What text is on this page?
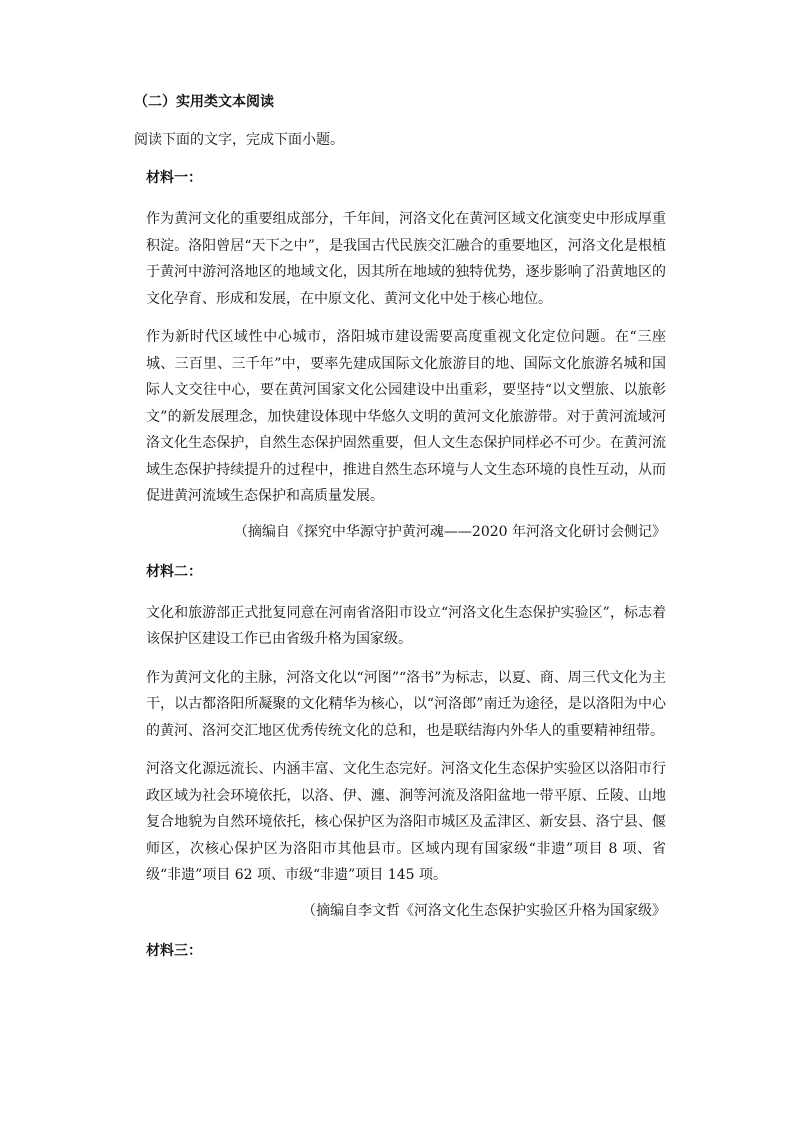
（二）实用类文本阅读

阅读下面的文字，完成下面小题。

材料一：

作为黄河文化的重要组成部分，千年间，河洛文化在黄河区域文化演变史中形成厚重积淀。洛阳曾居“天下之中”，是我国古代民族交汇融合的重要地区，河洛文化是根植于黄河中游河洛地区的地域文化，因其所在地域的独特优势，逐步影响了沿黄地区的文化孕育、形成和发展，在中原文化、黄河文化中处于核心地位。

作为新时代区域性中心城市，洛阳城市建设需要高度重视文化定位问题。在“三座城、三百里、三千年”中，要率先建成国际文化旅游目的地、国际文化旅游名城和国际人文交往中心，要在黄河国家文化公园建设中出重彩，要坚持“以文塑旅、以旅彰文”的新发展理念，加快建设体现中华悠久文明的黄河文化旅游带。对于黄河流域河洛文化生态保护，自然生态保护固然重要，但人文生态保护同样必不可少。在黄河流域生态保护持续提升的过程中，推进自然生态环境与人文生态环境的良性互动，从而促进黄河流域生态保护和高质量发展。

（摘编自《探究中华源守护黄河魂——2020 年河洛文化研讨会侧记》

材料二：

文化和旅游部正式批复同意在河南省洛阳市设立“河洛文化生态保护实验区”，标志着该保护区建设工作已由省级升格为国家级。

作为黄河文化的主脉，河洛文化以“河图”“洛书”为标志，以夏、商、周三代文化为主干，以古都洛阳所凝聚的文化精华为核心，以“河洛郎”南迁为途径，是以洛阳为中心的黄河、洛河交汇地区优秀传统文化的总和，也是联结海内外华人的重要精神纽带。

河洛文化源远流长、内涵丰富、文化生态完好。河洛文化生态保护实验区以洛阳市行政区域为社会环境依托，以洛、伊、瀍、涧等河流及洛阳盆地一带平原、丘陵、山地复合地貌为自然环境依托，核心保护区为洛阳市城区及孟津区、新安县、洛宁县、偃师区，次核心保护区为洛阳市其他县市。区域内现有国家级“非遗”项目 8 项、省级“非遗”项目 62 项、市级“非遗”项目 145 项。

（摘编自李文哲《河洛文化生态保护实验区升格为国家级》

材料三：
